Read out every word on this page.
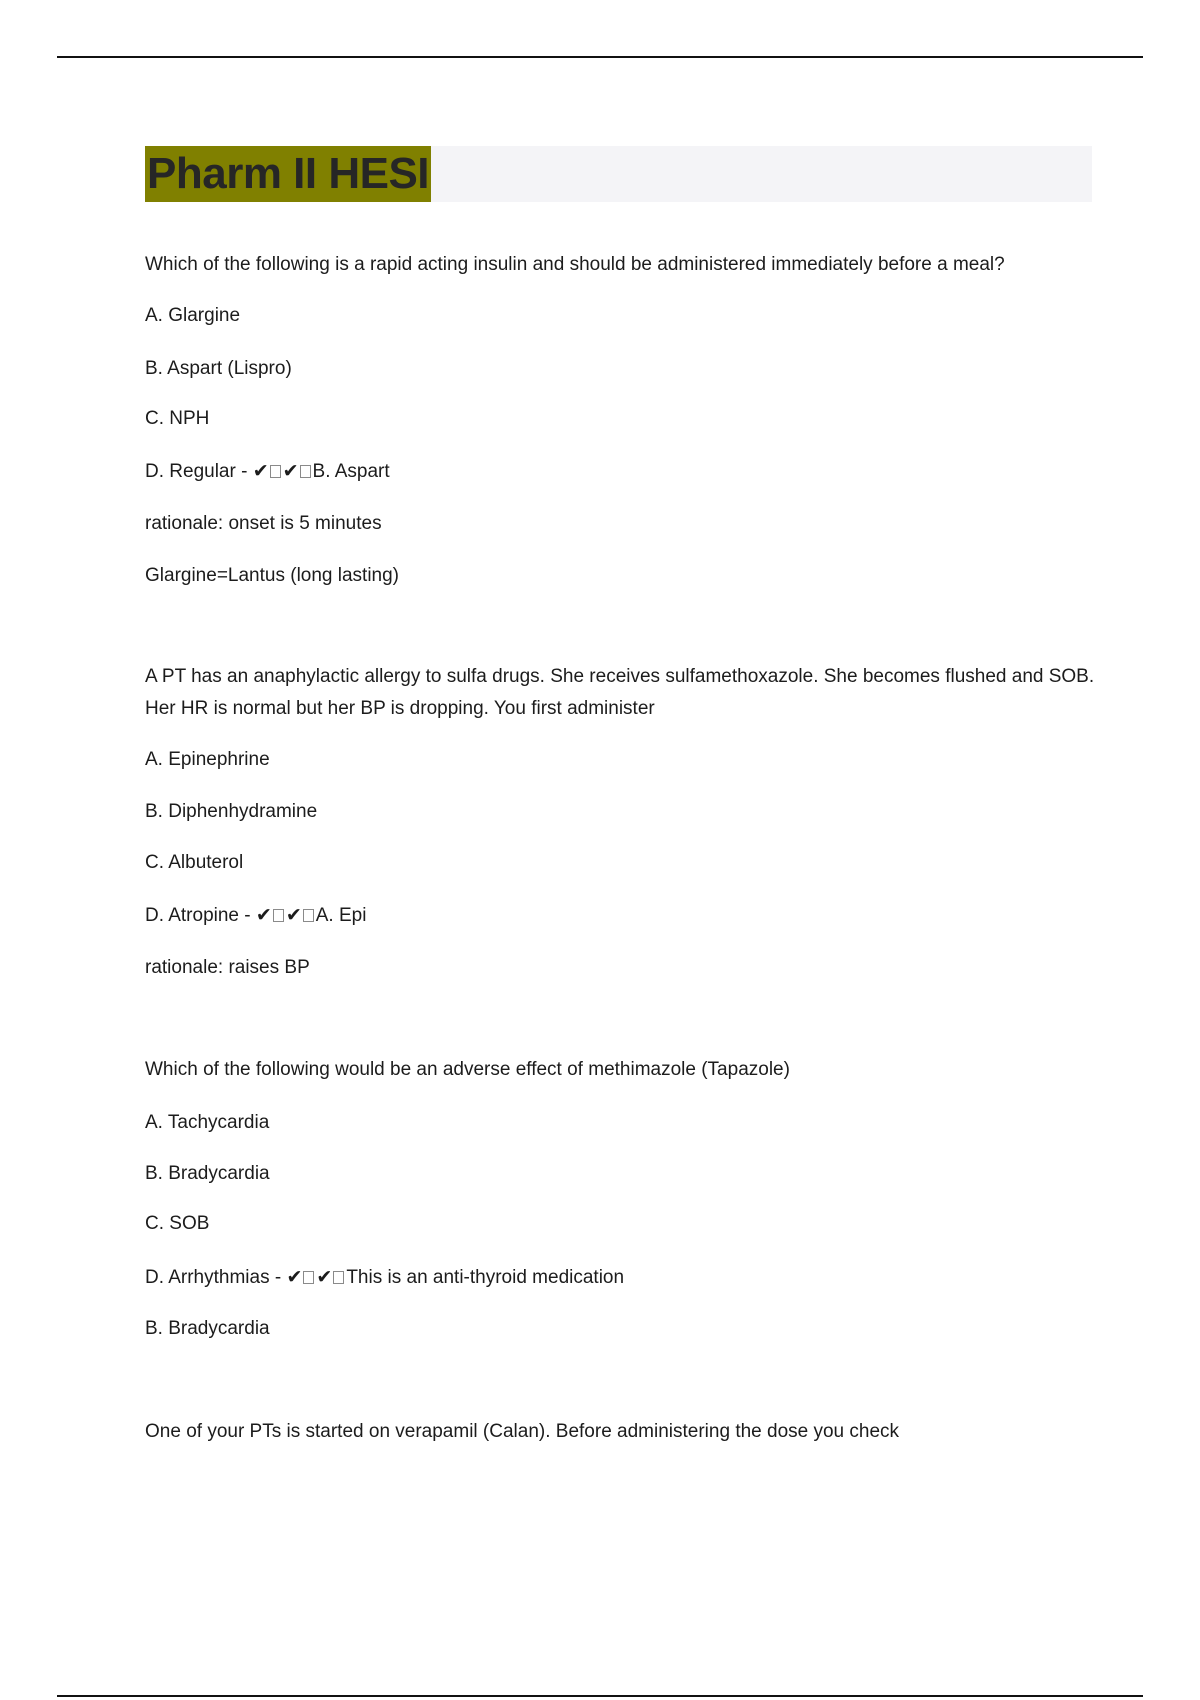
Pharm II HESI
Which of the following is a rapid acting insulin and should be administered immediately before a meal?
A. Glargine
B. Aspart (Lispro)
C. NPH
D. Regular - ✔ ✔ B. Aspart
rationale: onset is 5 minutes
Glargine=Lantus (long lasting)
A PT has an anaphylactic allergy to sulfa drugs. She receives sulfamethoxazole. She becomes flushed and SOB. Her HR is normal but her BP is dropping. You first administer
A. Epinephrine
B. Diphenhydramine
C. Albuterol
D. Atropine - ✔ ✔ A. Epi
rationale: raises BP
Which of the following would be an adverse effect of methimazole (Tapazole)
A. Tachycardia
B. Bradycardia
C. SOB
D. Arrhythmias - ✔ ✔ This is an anti-thyroid medication
B. Bradycardia
One of your PTs is started on verapamil (Calan). Before administering the dose you check
